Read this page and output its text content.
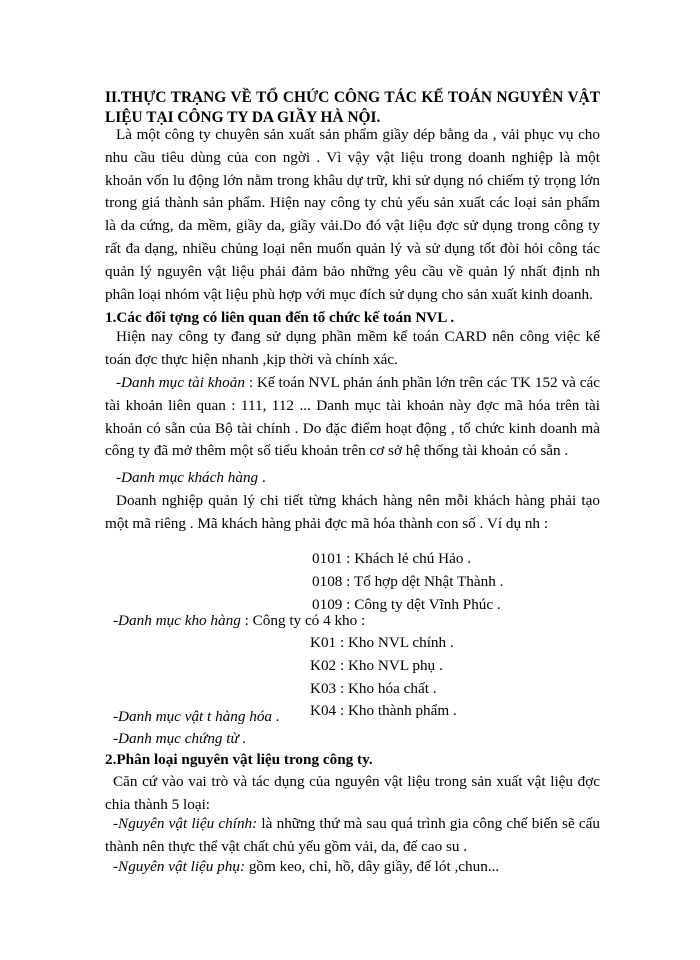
II.THỰC TRẠNG VỀ TỔ CHỨC CÔNG TÁC KẾ TOÁN NGUYÊN VẬT LIỆU TẠI CÔNG TY DA GIẦY HÀ NỘI.

Là một công ty chuyên sản xuất sản phẩm giầy dép bằng da , vải phục vụ cho nhu cầu tiêu dùng của con ngời . Vì vậy vật liệu trong doanh nghiệp là một khoản vốn lu động lớn nằm trong khâu dự trữ, khi sử dụng nó chiếm tỷ trọng lớn trong giá thành sản phẩm. Hiện nay công ty chủ yếu sản xuất các loại sản phẩm là da cứng, da mềm, giầy da, giầy vải.Do đó vật liệu đợc sử dụng trong công ty rất đa dạng, nhiều chủng loại nên muốn quản lý và sử dụng tốt đòi hỏi công tác quản lý nguyên vật liệu phải đảm bảo những yêu cầu về quản lý nhất định nh phân loại nhóm vật liệu phù hợp với mục đích sử dụng cho sản xuất kinh doanh.

1.Các đối tợng có liên quan đến tổ chức kế toán NVL .

Hiện nay công ty đang sử dụng phần mềm kế toán CARD nên công việc kế toán đợc thực hiện nhanh ,kịp thời và chính xác.

-Danh mục tài khoản : Kế toán NVL phản ánh phần lớn trên các TK 152 và các tài khoản liên quan : 111, 112 ... Danh mục tài khoản này đợc mã hóa trên tài khoản có sẵn của Bộ tài chính . Do đặc điểm hoạt động , tổ chức kinh doanh mà công ty đã mở thêm một số tiểu khoản trên cơ sở hệ thống tài khoản có sẵn .

-Danh mục khách hàng .

Doanh nghiệp quản lý chi tiết từng khách hàng nên mỗi khách hàng phải tạo một mã riêng . Mã khách hàng phải đợc mã hóa thành con số . Ví dụ nh :

0101 : Khách lẻ chú Hảo .
0108 : Tổ hợp dệt Nhật Thành .
0109 : Công ty dệt Vĩnh Phúc .

-Danh mục kho hàng : Công ty có 4 kho :

K01 : Kho NVL chính .
K02 : Kho NVL phụ .
K03 : Kho hóa chất .
K04 : Kho thành phẩm .

-Danh mục vật t hàng hóa .

-Danh mục chứng từ .

2.Phân loại nguyên vật liệu trong công ty.

Căn cứ vào vai trò và tác dụng của nguyên vật liệu trong sản xuất vật liệu đợc chia thành 5 loại:

-Nguyên vật liệu chính: là những thứ mà sau quá trình gia công chế biến sẽ cấu thành nên thực thể vật chất chủ yếu gồm vải, da, đế cao su .

-Nguyên vật liệu phụ: gồm keo, chỉ, hồ, dây giầy, đế lót ,chun...
